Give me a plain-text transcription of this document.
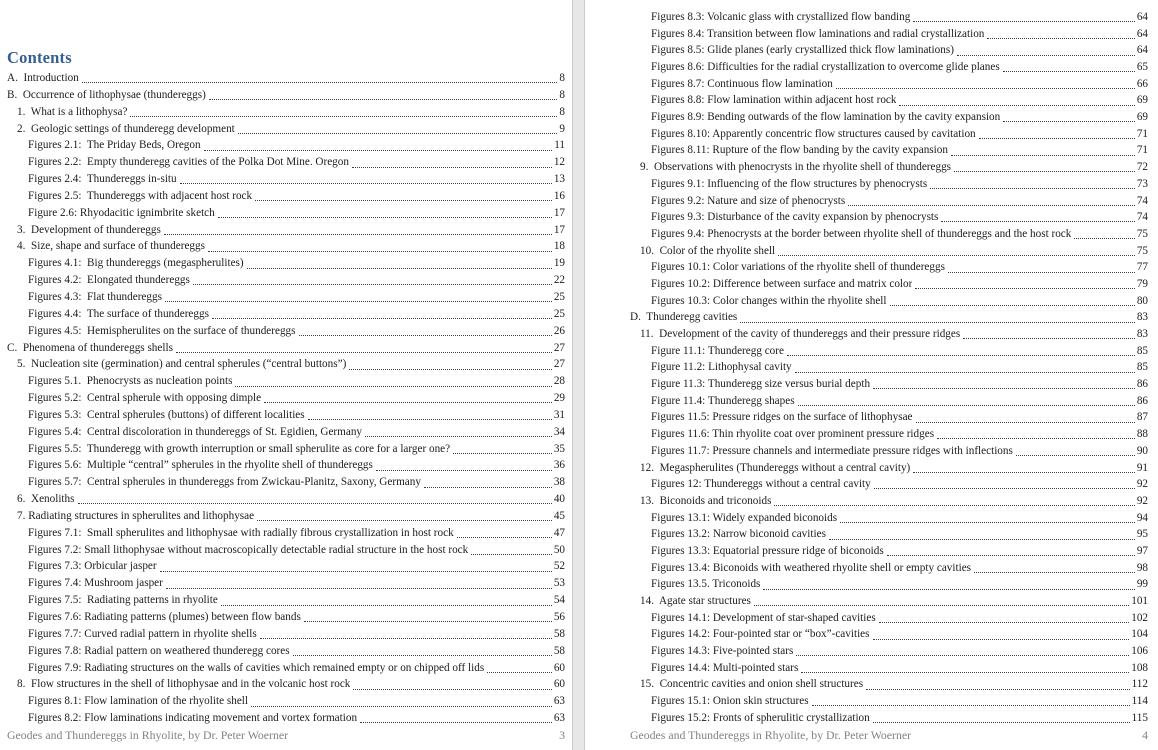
Contents
A.  Introduction	8
B.  Occurrence of lithophysae (thundereggs)	8
1.  What is a lithophysa?	8
2.  Geologic settings of thunderegg development	9
Figures 2.1:  The Priday Beds, Oregon	11
Figures 2.2:  Empty thunderegg cavities of the Polka Dot Mine. Oregon	12
Figures 2.4:  Thundereggs in-situ	13
Figures 2.5:  Thundereggs with adjacent host rock	16
Figure 2.6: Rhyodacitic ignimbrite sketch	17
3.  Development of thundereggs	17
4.  Size, shape and surface of thundereggs	18
Figures 4.1:  Big thundereggs (megaspherulites)	19
Figures 4.2:  Elongated thundereggs	22
Figures 4.3:  Flat thundereggs	25
Figures 4.4:  The surface of thundereggs	25
Figures 4.5:  Hemispherulites on the surface of thundereggs	26
C.  Phenomena of thundereggs shells	27
5.  Nucleation site (germination) and central spherules (“central buttons”)	27
Figures 5.1.  Phenocrysts as nucleation points	28
Figures 5.2:  Central spherule with opposing dimple	29
Figures 5.3:  Central spherules (buttons) of different localities	31
Figures 5.4:  Central discoloration in thundereggs of St. Egidien, Germany	34
Figures 5.5:  Thunderegg with growth interruption or small spherulite as core for a larger one?	35
Figures 5.6:  Multiple “central” spherules in the rhyolite shell of thundereggs	36
Figures 5.7:  Central spherules in thundereggs from Zwickau-Planitz, Saxony, Germany	38
6.  Xenoliths	40
7. Radiating structures in spherulites and lithophysae	45
Figures 7.1:  Small spherulites and lithophysae with radially fibrous crystallization in host rock	47
Figures 7.2: Small lithophysae without macroscopically detectable radial structure in the host rock	50
Figures 7.3: Orbicular jasper	52
Figures 7.4: Mushroom jasper	53
Figures 7.5:  Radiating patterns in rhyolite	54
Figures 7.6: Radiating patterns (plumes) between flow bands	56
Figures 7.7: Curved radial pattern in rhyolite shells	58
Figures 7.8: Radial pattern on weathered thunderegg cores	58
Figures 7.9: Radiating structures on the walls of cavities which remained empty or on chipped off lids	60
8.  Flow structures in the shell of lithophysae and in the volcanic host rock	60
Figures 8.1: Flow lamination of the rhyolite shell	63
Figures 8.2: Flow laminations indicating movement and vortex formation	63
Geodes and Thundereggs in Rhyolite, by Dr. Peter Woerner	3
Figures 8.3: Volcanic glass with crystallized flow banding	64
Figures 8.4: Transition between flow laminations and radial crystallization	64
Figures 8.5: Glide planes (early crystallized thick flow laminations)	64
Figures 8.6: Difficulties for the radial crystallization to overcome glide planes	65
Figures 8.7: Continuous flow lamination	66
Figures 8.8: Flow lamination within adjacent host rock	69
Figures 8.9: Bending outwards of the flow lamination by the cavity expansion	69
Figures 8.10: Apparently concentric flow structures caused by cavitation	71
Figures 8.11: Rupture of the flow banding by the cavity expansion	71
9.  Observations with phenocrysts in the rhyolite shell of thundereggs	72
Figures 9.1: Influencing of the flow structures by phenocrysts	73
Figures 9.2: Nature and size of phenocrysts	74
Figures 9.3: Disturbance of the cavity expansion by phenocrysts	74
Figures 9.4: Phenocrysts at the border between rhyolite shell of thundereggs and the host rock	75
10.  Color of the rhyolite shell	75
Figures 10.1: Color variations of the rhyolite shell of thundereggs	77
Figures 10.2: Difference between surface and matrix color	79
Figures 10.3: Color changes within the rhyolite shell	80
D.  Thunderegg cavities	83
11.  Development of the cavity of thundereggs and their pressure ridges	83
Figure 11.1: Thunderegg core	85
Figure 11.2: Lithophysal cavity	85
Figure 11.3: Thunderegg size versus burial depth	86
Figure 11.4: Thunderegg shapes	86
Figures 11.5: Pressure ridges on the surface of lithophysae	87
Figures 11.6: Thin rhyolite coat over prominent pressure ridges	88
Figures 11.7: Pressure channels and intermediate pressure ridges with inflections	90
12.  Megaspherulites (Thundereggs without a central cavity)	91
Figures 12: Thundereggs without a central cavity	92
13.  Biconoids and triconoids	92
Figures 13.1: Widely expanded biconoids	94
Figures 13.2: Narrow biconoid cavities	95
Figures 13.3: Equatorial pressure ridge of biconoids	97
Figures 13.4: Biconoids with weathered rhyolite shell or empty cavities	98
Figures 13.5. Triconoids	99
14.  Agate star structures	101
Figures 14.1: Development of star-shaped cavities	102
Figures 14.2: Four-pointed star or “box”-cavities	104
Figures 14.3: Five-pointed stars	106
Figures 14.4: Multi-pointed stars	108
15.  Concentric cavities and onion shell structures	112
Figures 15.1: Onion skin structures	114
Figures 15.2: Fronts of spherulitic crystallization	115
Geodes and Thundereggs in Rhyolite, by Dr. Peter Woerner	4
